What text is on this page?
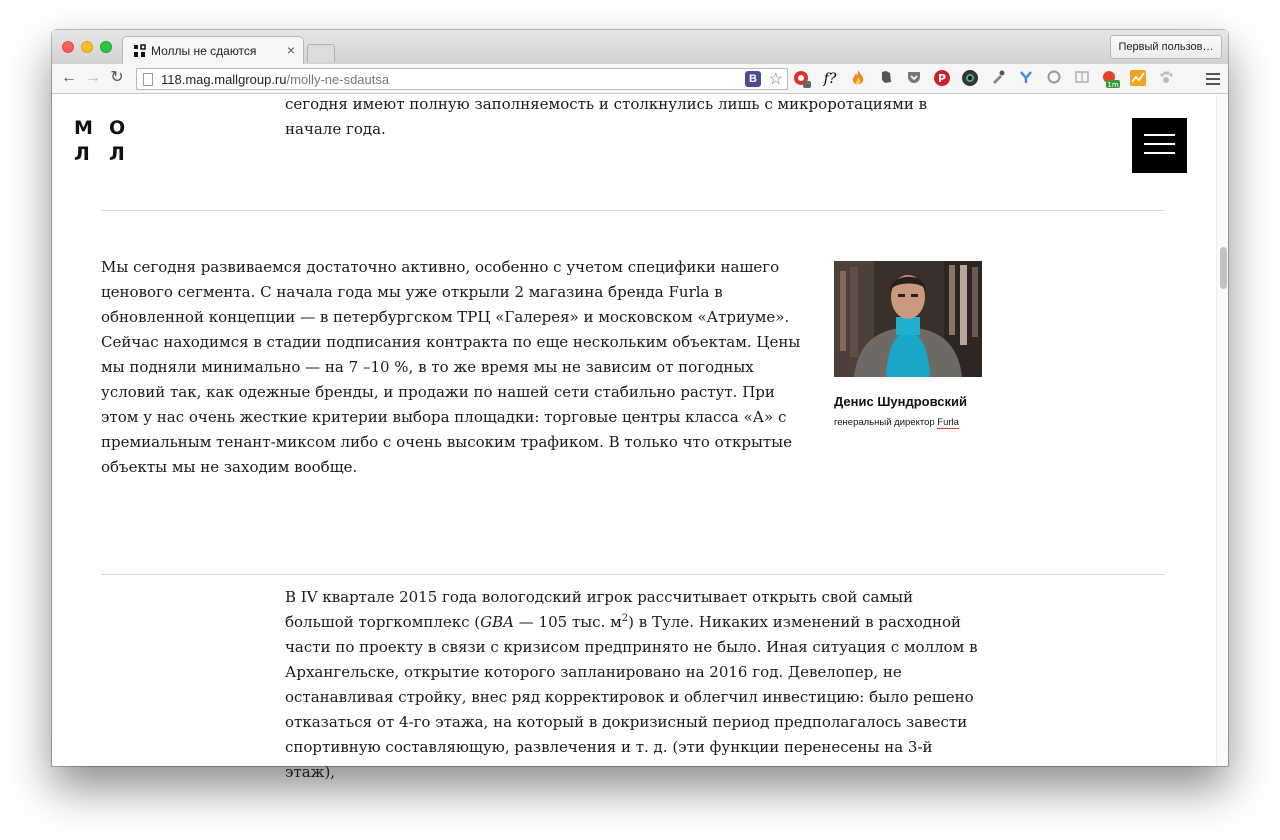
Моллы не сдаются ×	Первый пользов…
← → ↻	118.mag.mallgroup.ru/molly-ne-sdautsa	В ☆	f?	P	1m
М О
Л Л

сегодня имеют полную заполняемость и столкнулись лишь с микроротациями в начале года.

Мы сегодня развиваемся достаточно активно, особенно с учетом специфики нашего ценового сегмента. С начала года мы уже открыли 2 магазина бренда Furla в обновленной концепции — в петербургском ТРЦ «Галерея» и московском «Атриуме». Сейчас находимся в стадии подписания контракта по еще нескольким объектам. Цены мы подняли минимально — на 7 –10 %, в то же время мы не зависим от погодных условий так, как одежные бренды, и продажи по нашей сети стабильно растут. При этом у нас очень жесткие критерии выбора площадки: торговые центры класса «А» с премиальным тенант-миксом либо с очень высоким трафиком. В только что открытые объекты мы не заходим вообще.

Денис Шундровский
генеральный директор Furla

В IV квартале 2015 года вологодский игрок рассчитывает открыть свой самый большой торгкомплекс (GBA — 105 тыс. $м^2$) в Туле. Никаких изменений в расходной части по проекту в связи с кризисом предпринято не было. Иная ситуация с моллом в Архангельске, открытие которого запланировано на 2016 год. Девелопер, не останавливая стройку, внес ряд корректировок и облегчил инвестицию: было решено отказаться от 4-го этажа, на который в докризисный период предполагалось завести спортивную составляющую, развлечения и т. д. (эти функции перенесены на 3-й этаж),
